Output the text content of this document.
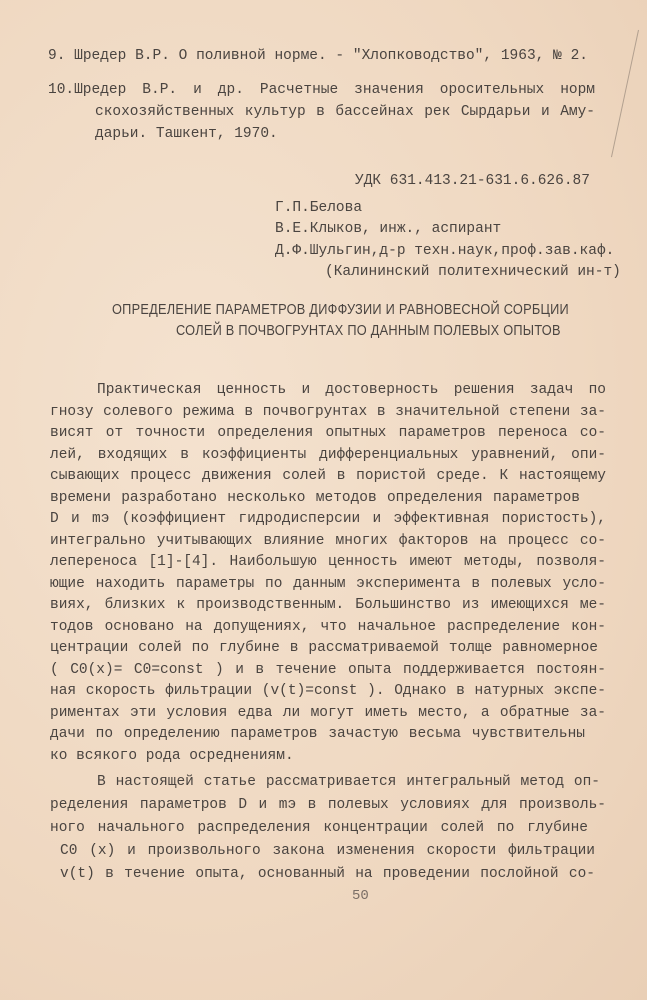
9. Шредер В.Р. О поливной норме. - "Хлопководство", 1963, № 2.
10.Шредер В.Р. и др. Расчетные значения оросительных норм
скохозяйственных культур в бассейнах рек Сырдарьи и Аму-
дарьи. Ташкент, 1970.
УДК 631.413.21-631.6.626.87
Г.П.Белова
В.Е.Клыков, инж., аспирант
Д.Ф.Шульгин,д-р техн.наук,проф.зав.каф.
(Калининский политехнический ин-т)
ОПРЕДЕЛЕНИЕ ПАРАМЕТРОВ ДИФФУЗИИ И РАВНОВЕСНОЙ СОРБЦИИ
СОЛЕЙ В ПОЧВОГРУНТАХ ПО ДАННЫМ ПОЛЕВЫХ ОПЫТОВ
Практическая ценность и достоверность решения задач по
гнозу солевого режима в почвогрунтах в значительной степени за-
висят от точности определения опытных параметров переноса со-
лей, входящих в коэффициенты дифференциальных уравнений, опи-
сывающих процесс движения солей в пористой среде. К настоящему
времени разработано несколько методов определения параметров
D и mэ (коэффициент гидродисперсии и эффективная пористость),
интегрально учитывающих влияние многих факторов на процесс со-
лепереноса [1]-[4]. Наибольшую ценность имеют методы, позволя-
ющие находить параметры по данным эксперимента в полевых усло-
виях, близких к производственным. Большинство из имеющихся ме-
тодов основано на допущениях, что начальное распределение кон-
центрации солей по глубине в рассматриваемой толще равномерное
( C0(x)= C0=const ) и в течение опыта поддерживается постоян-
ная скорость фильтрации (v(t)=const ). Однако в натурных экспе-
риментах эти условия едва ли могут иметь место, а обратные за-
дачи по определению параметров зачастую весьма чувствительны
ко всякого рода осреднениям.
В настоящей статье рассматривается интегральный метод оп-
ределения параметров D и mэ в полевых условиях для произволь-
ного начального распределения концентрации солей по глубине
C0 (x) и произвольного закона изменения скорости фильтрации
v(t) в течение опыта, основанный на проведении послойной со-
50
